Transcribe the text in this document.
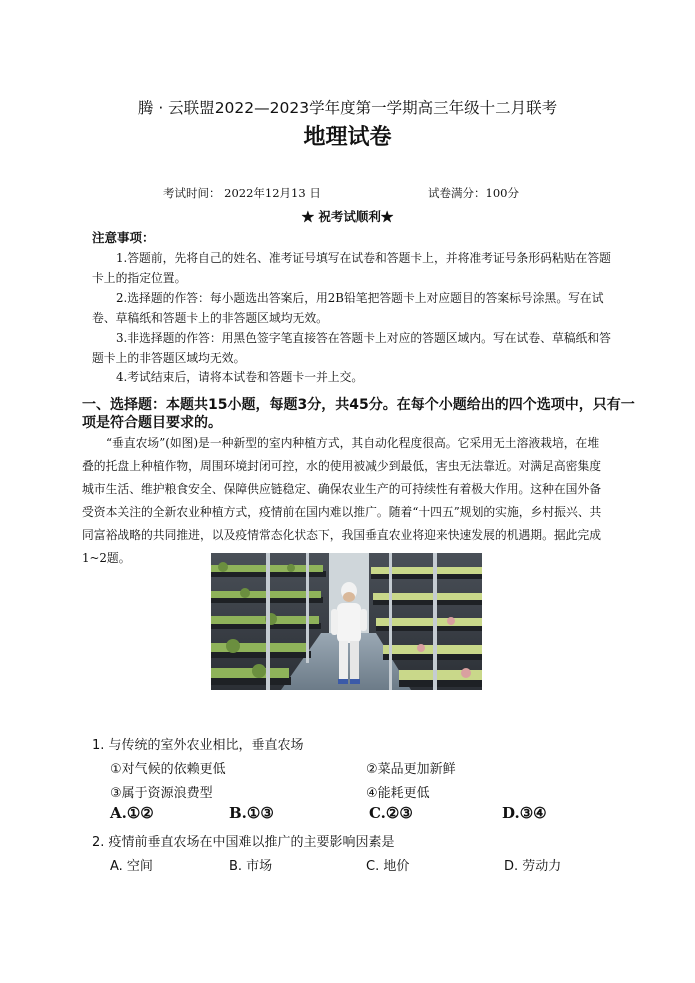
腾 · 云联盟2022—2023学年度第一学期高三年级十二月联考
地理试卷
考试时间： 2022年12月13 日	试卷满分：100分
★ 祝考试顺利★
注意事项：
1.答题前，先将自己的姓名、准考证号填写在试卷和答题卡上，并将准考证号条形码粘贴在答题卡上的指定位置。
2.选择题的作答：每小题选出答案后，用2B铅笔把答题卡上对应题目的答案标号涂黑。写在试卷、草稿纸和答题卡上的非答题区域均无效。
3.非选择题的作答：用黑色签字笔直接答在答题卡上对应的答题区域内。写在试卷、草稿纸和答题卡上的非答题区域均无效。
4.考试结束后，请将本试卷和答题卡一并上交。
一、选择题：本题共15小题，每题3分，共45分。在每个小题给出的四个选项中，只有一项是符合题目要求的。
“垂直农场”(如图)是一种新型的室内种植方式，其自动化程度很高。它采用无土溶液栽培，在堆叠的托盘上种植作物，周围环境封闭可控，水的使用被减少到最低，害虫无法靠近。对满足高密集度城市生活、维护粮食安全、保障供应链稳定、确保农业生产的可持续性有着极大作用。这种在国外备受资本关注的全新农业种植方式，疫情前在国内难以推广。随着“十四五”规划的实施，乡村振兴、共同富裕战略的共同推进，以及疫情常态化状态下，我国垂直农业将迎来快速发展的机遇期。据此完成1~2题。
1. 与传统的室外农业相比，垂直农场
①对气候的依赖更低	②菜品更加新鲜
③属于资源浪费型	④能耗更低
A.①②	B.①③	C.②③	D.③④
2. 疫情前垂直农场在中国难以推广的主要影响因素是
A. 空间	B. 市场	C. 地价	D. 劳动力
